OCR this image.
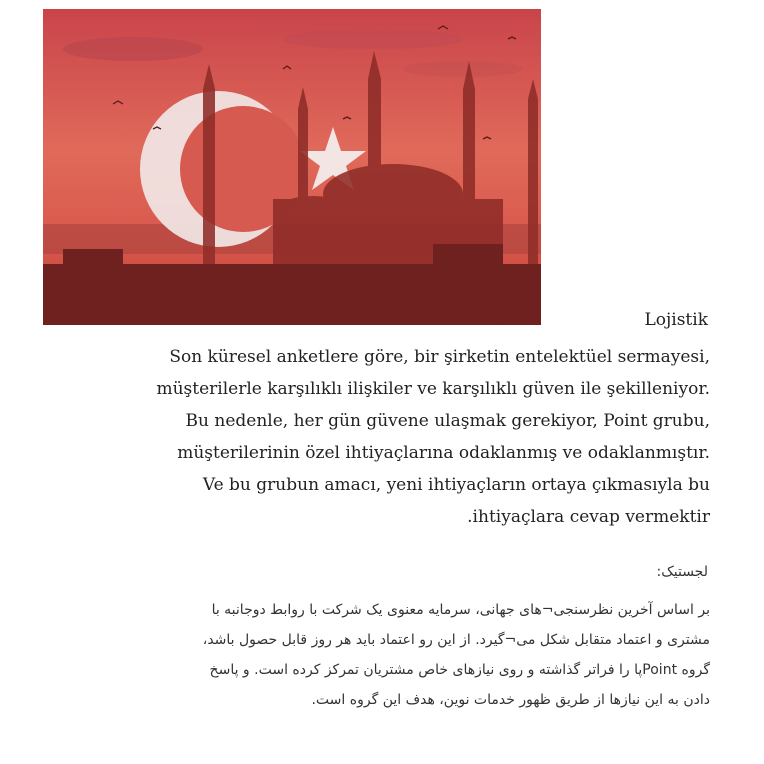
Lojistik
Son küresel anketlere göre, bir şirketin entelektüel sermayesi,
müşterilerle karşılıklı ilişkiler ve karşılıklı güven ile şekilleniyor.
Bu nedenle, her gün güvene ulaşmak gerekiyor, Point grubu,
müşterilerinin özel ihtiyaçlarına odaklanmış ve odaklanmıştır.
Ve bu grubun amacı, yeni ihtiyaçların ortaya çıkmasıyla bu
.ihtiyaçlara cevap vermektir
لجستیک:
بر اساس آخرین نظرسنجی¬های جهانی، سرمایه معنوی یک شرکت با روابط دوجانبه با
مشتری و اعتماد متقابل شکل می¬گیرد. از این رو اعتماد باید هر روز قابل حصول باشد،
گروه Pointپا را فراتر گذاشته و روی نیازهای خاص مشتریان تمرکز کرده است. و پاسخ
دادن به این نیازها از طریق ظهور خدمات نوین، هدف این گروه است.
